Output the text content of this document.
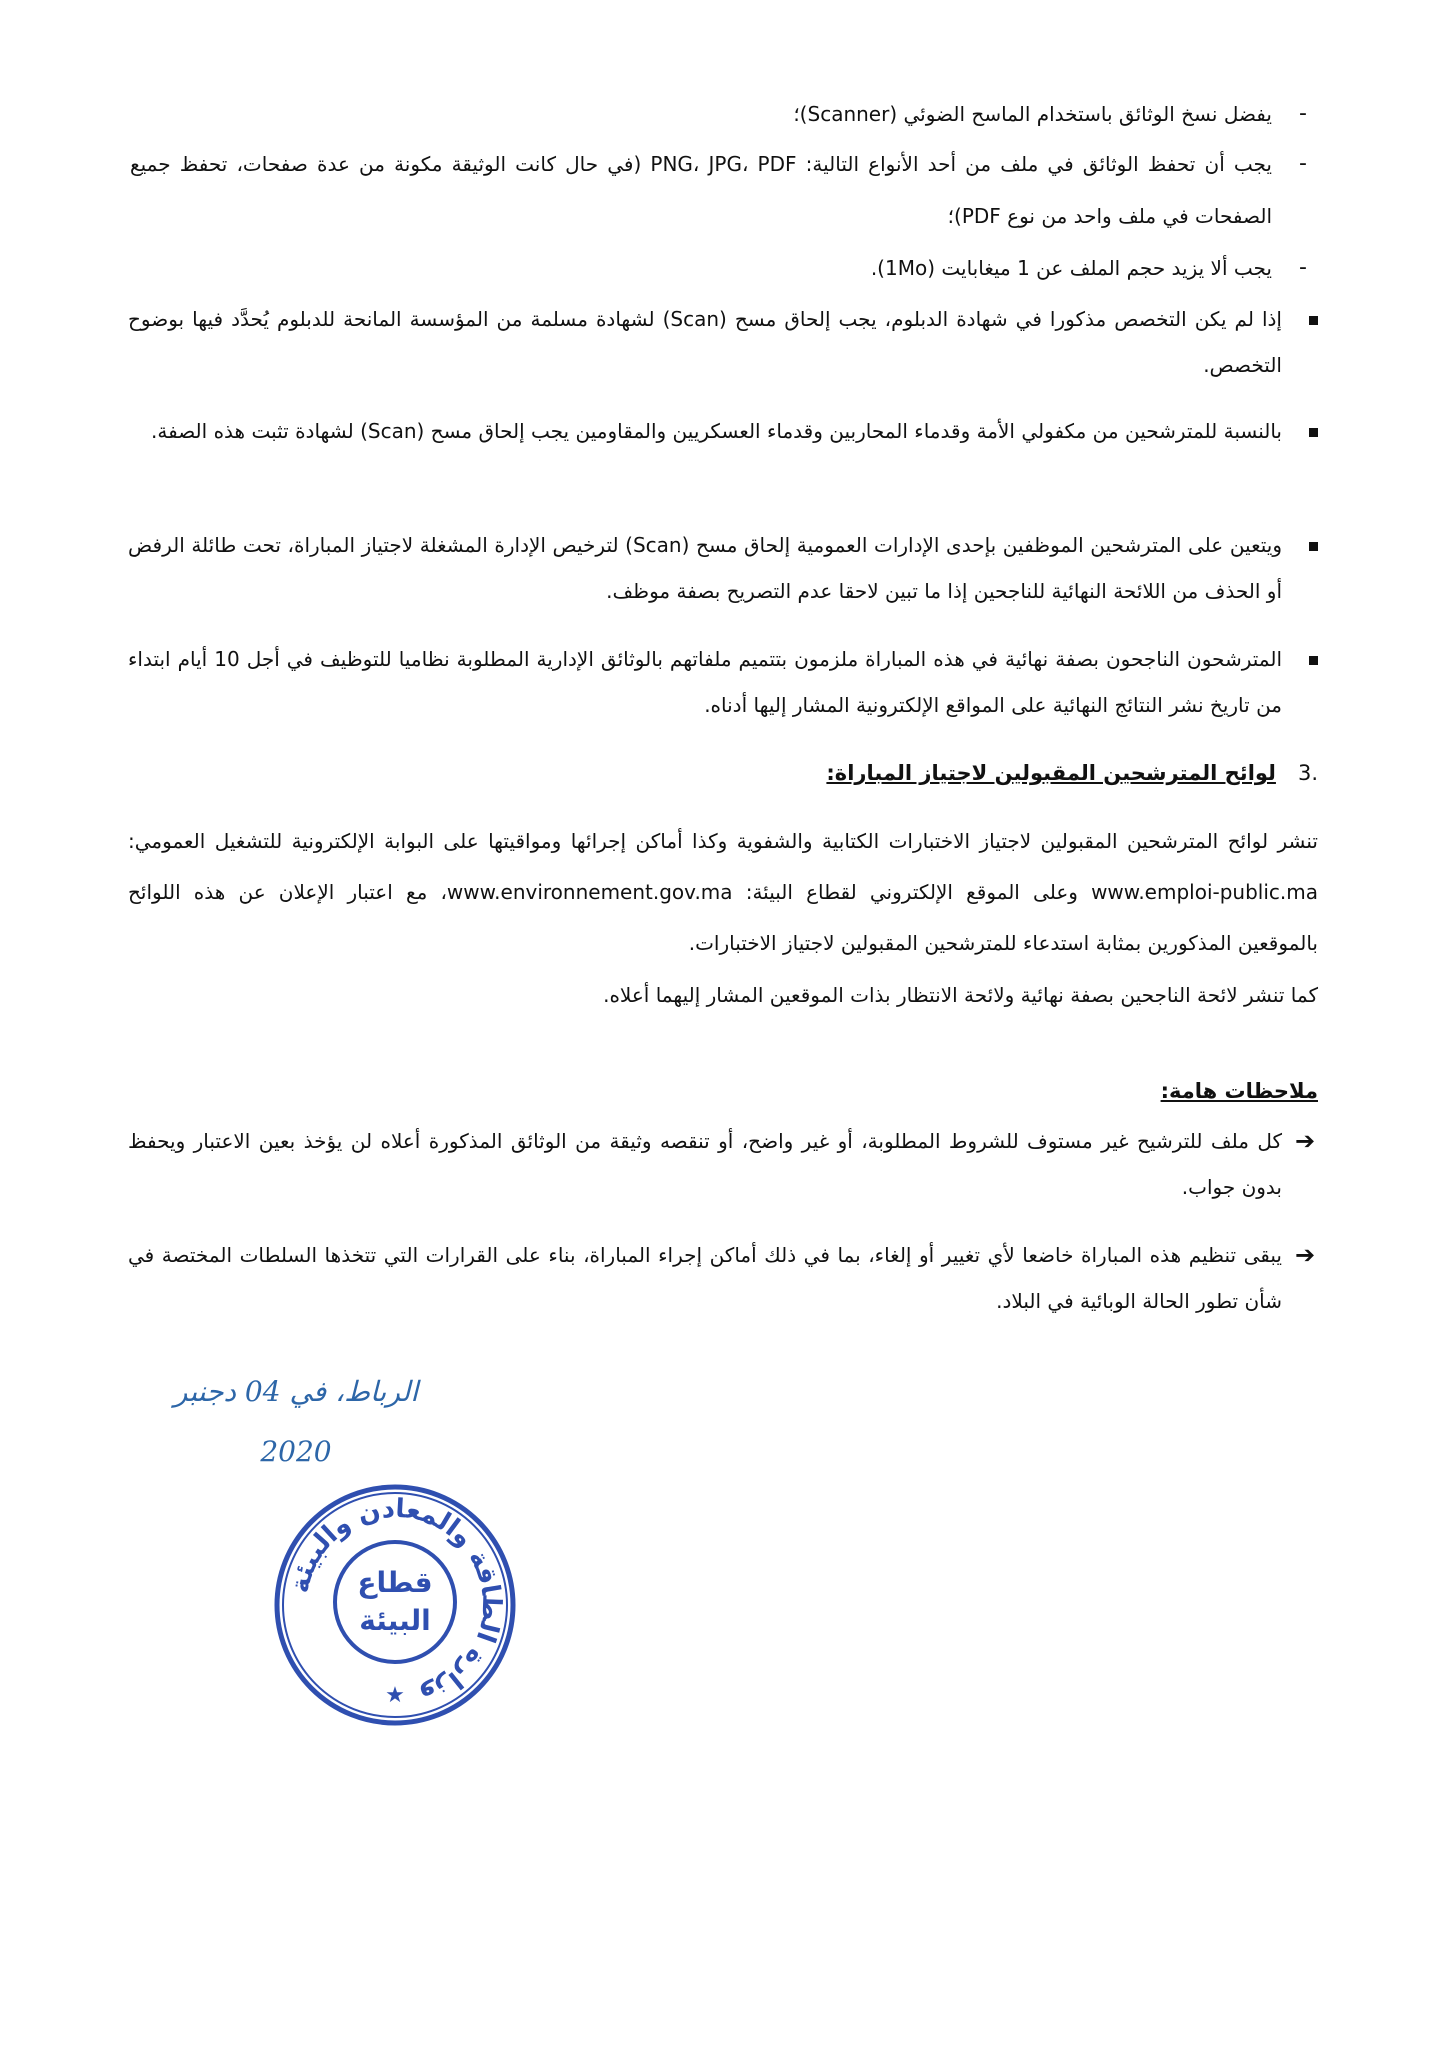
-
يفضل نسخ الوثائق باستخدام الماسح الضوئي (Scanner)؛
-
يجب أن تحفظ الوثائق في ملف من أحد الأنواع التالية: PNG، JPG، PDF (في حال كانت الوثيقة مكونة من عدة صفحات، تحفظ جميع الصفحات في ملف واحد من نوع PDF)؛
-
يجب ألا يزيد حجم الملف عن 1 ميغابايت (1Mo).
إذا لم يكن التخصص مذكورا في شهادة الدبلوم، يجب إلحاق مسح (Scan) لشهادة مسلمة من المؤسسة المانحة للدبلوم يُحدَّد فيها بوضوح التخصص.
بالنسبة للمترشحين من مكفولي الأمة وقدماء المحاربين وقدماء العسكريين والمقاومين يجب إلحاق مسح (Scan) لشهادة تثبت هذه الصفة.
ويتعين على المترشحين الموظفين بإحدى الإدارات العمومية إلحاق مسح (Scan) لترخيص الإدارة المشغلة لاجتياز المباراة، تحت طائلة الرفض أو الحذف من اللائحة النهائية للناجحين إذا ما تبين لاحقا عدم التصريح بصفة موظف.
المترشحون الناجحون بصفة نهائية في هذه المباراة ملزمون بتتميم ملفاتهم بالوثائق الإدارية المطلوبة نظاميا للتوظيف في أجل 10 أيام ابتداء من تاريخ نشر النتائج النهائية على المواقع الإلكترونية المشار إليها أدناه.
.3لوائح المترشحين المقبولين لاجتياز المباراة:
تنشر لوائح المترشحين المقبولين لاجتياز الاختبارات الكتابية والشفوية وكذا أماكن إجرائها ومواقيتها على البوابة الإلكترونية للتشغيل العمومي: www.emploi-public.ma وعلى الموقع الإلكتروني لقطاع البيئة: www.environnement.gov.ma، مع اعتبار الإعلان عن هذه اللوائح بالموقعين المذكورين بمثابة استدعاء للمترشحين المقبولين لاجتياز الاختبارات.
كما تنشر لائحة الناجحين بصفة نهائية ولائحة الانتظار بذات الموقعين المشار إليهما أعلاه.
ملاحظات هامة:
➔
كل ملف للترشيح غير مستوف للشروط المطلوبة، أو غير واضح، أو تنقصه وثيقة من الوثائق المذكورة أعلاه لن يؤخذ بعين الاعتبار ويحفظ بدون جواب.
➔
يبقى تنظيم هذه المباراة خاضعا لأي تغيير أو إلغاء، بما في ذلك أماكن إجراء المباراة، بناء على القرارات التي تتخذها السلطات المختصة في شأن تطور الحالة الوبائية في البلاد.
الرباط، في 04 دجنبر 2020
وزارة الطاقة والمعادن والبيئة
قطاع
البيئة
★
